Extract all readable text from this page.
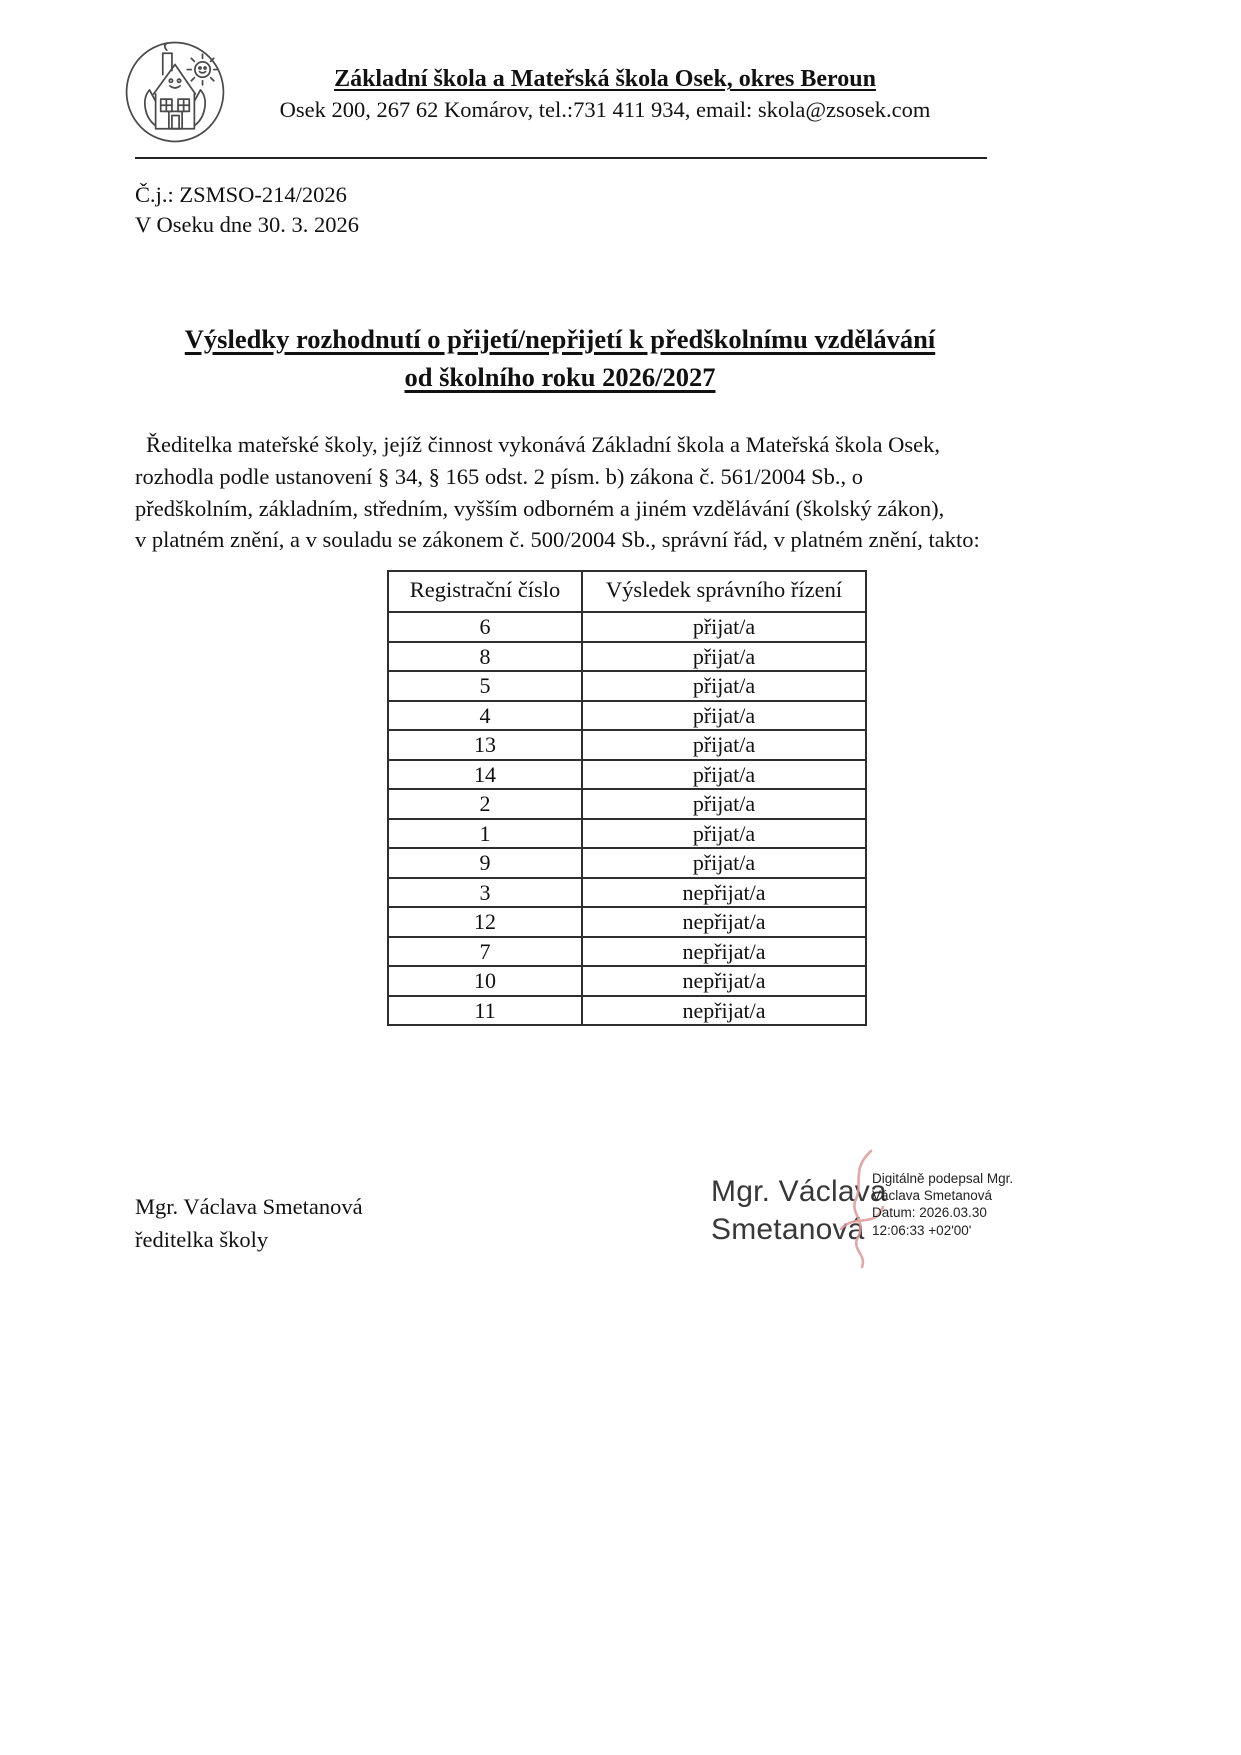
Základní škola a Mateřská škola Osek, okres Beroun
Osek 200, 267 62 Komárov, tel.:731 411 934, email: skola@zsosek.com
Č.j.: ZSMSO-214/2026
V Oseku dne 30. 3. 2026
Výsledky rozhodnutí o přijetí/nepřijetí k předškolnímu vzdělávání
od školního roku 2026/2027
Ředitelka mateřské školy, jejíž činnost vykonává Základní škola a Mateřská škola Osek,
rozhodla podle ustanovení § 34, § 165 odst. 2 písm. b) zákona č. 561/2004 Sb., o
předškolním, základním, středním, vyšším odborném a jiném vzdělávání (školský zákon),
v platném znění, a v souladu se zákonem č. 500/2004 Sb., správní řád, v platném znění, takto:
Registrační číslo	Výsledek správního řízení
6	přijat/a
8	přijat/a
5	přijat/a
4	přijat/a
13	přijat/a
14	přijat/a
2	přijat/a
1	přijat/a
9	přijat/a
3	nepřijat/a
12	nepřijat/a
7	nepřijat/a
10	nepřijat/a
11	nepřijat/a
Mgr. Václava Smetanová
ředitelka školy
Mgr. Václava
Smetanová
Digitálně podepsal Mgr.
Václava Smetanová
Datum: 2026.03.30
12:06:33 +02'00'
